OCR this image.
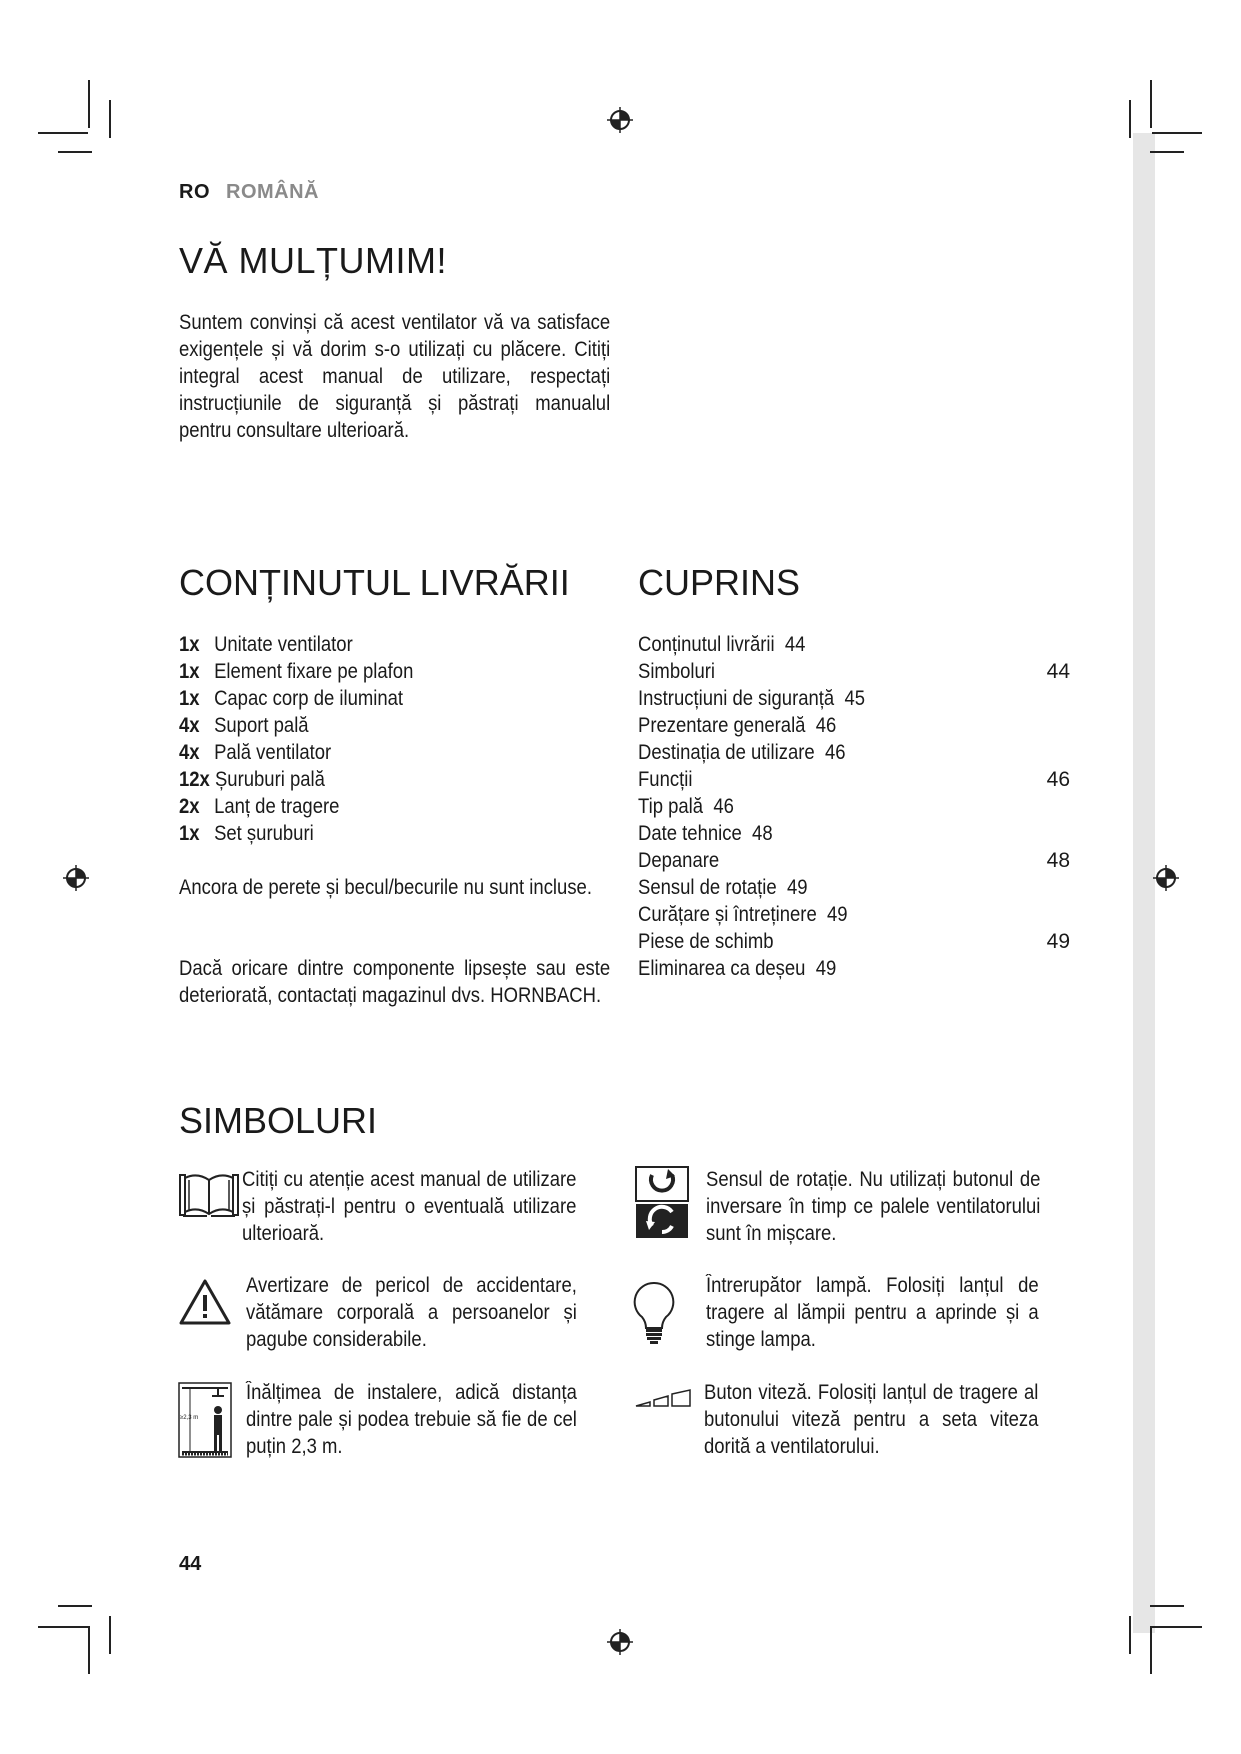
RO ROMÂNĂ
VĂ MULȚUMIM!
Suntem convinși că acest ventilator vă va satisface exigențele și vă dorim s-o utilizați cu plăcere. Citiți integral acest manual de utilizare, respectați instrucțiunile de siguranță și păstrați manualul pentru consultare ulterioară.
CONȚINUTUL LIVRĂRII
1x Unitate ventilator
1x Element fixare pe plafon
1x Capac corp de iluminat
4x Suport pală
4x Pală ventilator
12x Șuruburi pală
2x Lanț de tragere
1x Set șuruburi
Ancora de perete și becul/becurile nu sunt incluse.
Dacă oricare dintre componente lipsește sau este deteriorată, contactați magazinul dvs. HORNBACH.
CUPRINS
Conținutul livrării 44
Simboluri	44
Instrucțiuni de siguranță 45
Prezentare generală 46
Destinația de utilizare 46
Funcții	46
Tip pală 46
Date tehnice 48
Depanare	48
Sensul de rotație 49
Curățare și întreținere 49
Piese de schimb	49
Eliminarea ca deșeu 49
SIMBOLURI
Citiți cu atenție acest manual de utilizare și păstrați-l pentru o eventuală utilizare ulterioară.
Avertizare de pericol de accidentare, vătămare corporală a persoanelor și pagube considerabile.
≥2,3 m
Înălțimea de instalere, adică distanța dintre pale și podea trebuie să fie de cel puțin 2,3 m.
Sensul de rotație. Nu utilizați butonul de inversare în timp ce palele ventilatorului sunt în mișcare.
Întrerupător lampă. Folosiți lanțul de tragere al lămpii pentru a aprinde și a stinge lampa.
Buton viteză. Folosiți lanțul de tragere al butonului viteză pentru a seta viteza dorită a ventilatorului.
44
